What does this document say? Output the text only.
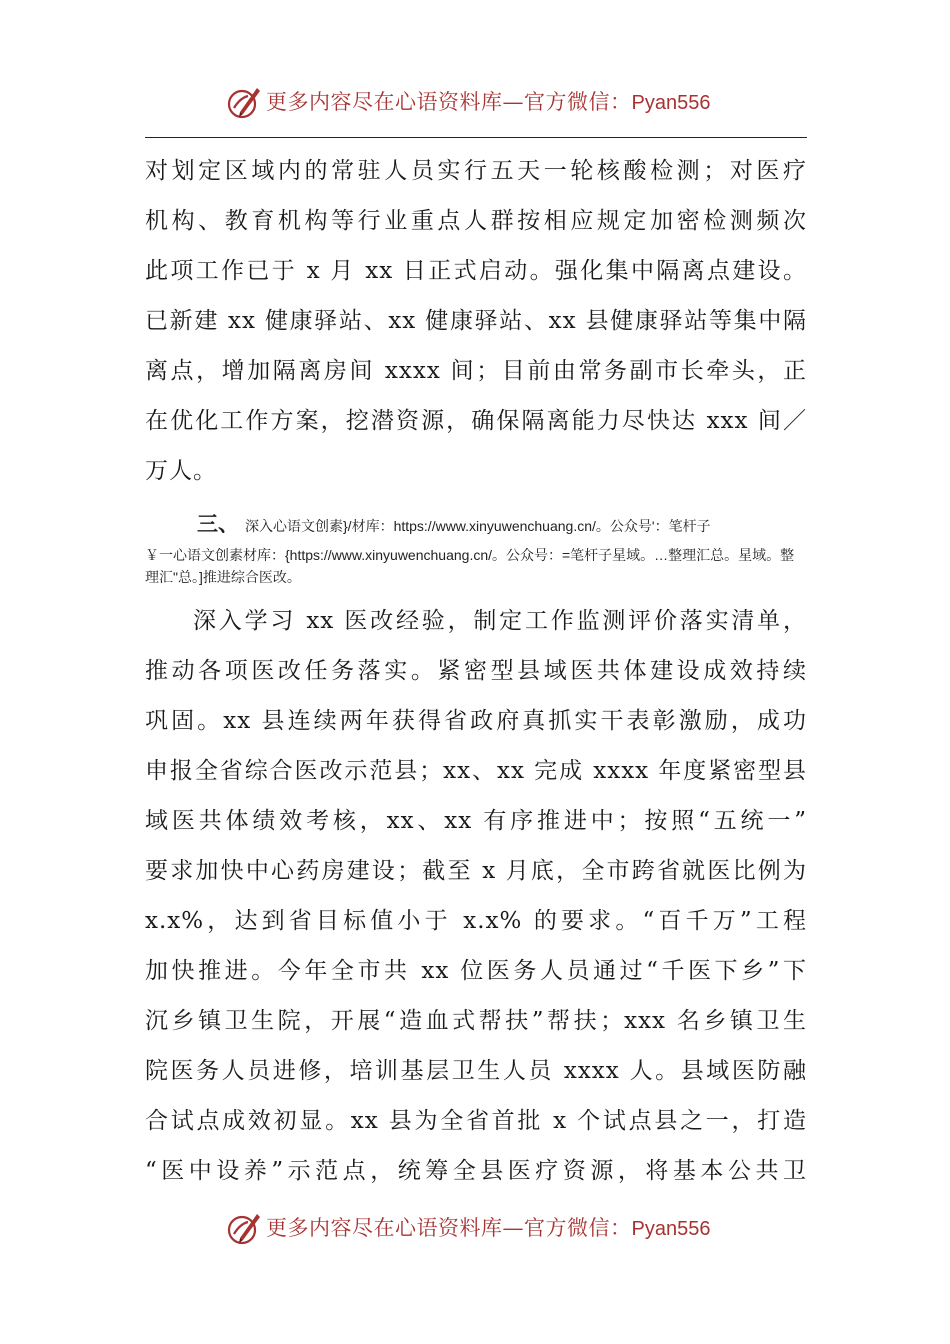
更多内容尽在心语资料库—官方微信：Pyan556
对划定区域内的常驻人员实行五天一轮核酸检测；对医疗
机构、教育机构等行业重点人群按相应规定加密检测频次
此项工作已于 x 月 xx 日正式启动。强化集中隔离点建设。
已新建 xx 健康驿站、xx 健康驿站、xx 县健康驿站等集中隔
离点，增加隔离房间 xxxx 间；目前由常务副市长牵头，正
在优化工作方案，挖潜资源，确保隔离能力尽快达 xxx 间／
万人。
三、 深入心语文创素}/材库：https://www.xinyuwenchuang.cn/。公众号'：笔杆子
￥一心语文创素材库：{https://www.xinyuwenchuang.cn/。公众号：=笔杆子星域。…整理汇总。星域。整理汇"总。]推进综合医改。
深入学习 xx 医改经验，制定工作监测评价落实清单，
推动各项医改任务落实。紧密型县域医共体建设成效持续
巩固。xx 县连续两年获得省政府真抓实干表彰激励，成功
申报全省综合医改示范县；xx、xx 完成 xxxx 年度紧密型县
域医共体绩效考核，xx、xx 有序推进中；按照“五统一”
要求加快中心药房建设；截至 x 月底，全市跨省就医比例为
x.x%，达到省目标值小于 x.x% 的要求。“百千万”工程
加快推进。今年全市共 xx 位医务人员通过“千医下乡”下
沉乡镇卫生院，开展“造血式帮扶”帮扶；xxx 名乡镇卫生
院医务人员进修，培训基层卫生人员 xxxx 人。县域医防融
合试点成效初显。xx 县为全省首批 x 个试点县之一，打造
“医中设养”示范点，统筹全县医疗资源，将基本公共卫
更多内容尽在心语资料库—官方微信：Pyan556
